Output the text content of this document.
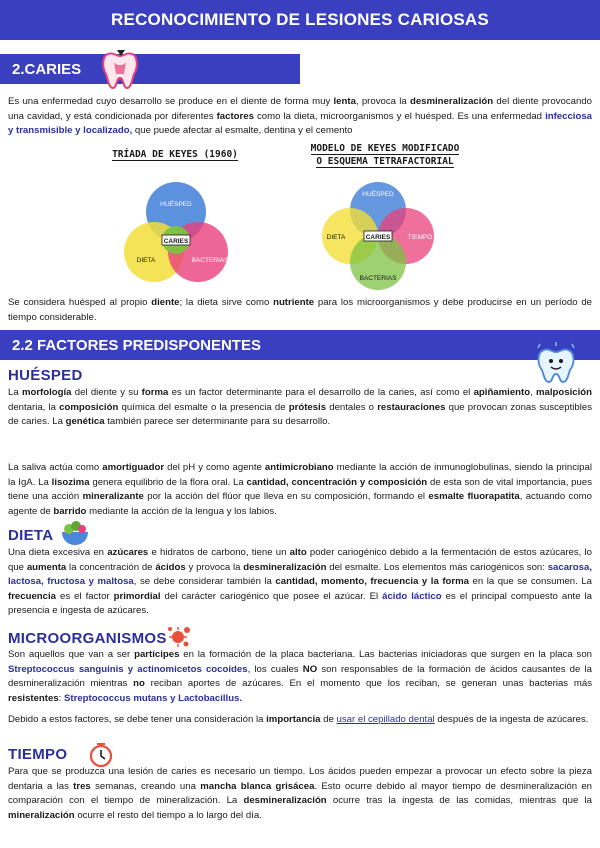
RECONOCIMIENTO DE LESIONES CARIOSAS
2.CARIES

Es una enfermedad cuyo desarrollo se produce en el diente de forma muy lenta, provoca la desmineralización del diente provocando una cavidad, y está condicionada por diferentes factores como la dieta, microorganismos y el huésped. Es una enfermedad infecciosa y transmisible y localizado, que puede afectar al esmalte, dentina y el cemento

TRÍADA DE KEYES (1960)
HUÉSPED
DIETA	BACTERIAS
CARIES
MODELO DE KEYES MODIFICADO
O ESQUEMA TETRAFACTORIAL
HUÉSPED
DIETA	TIEMPO
BACTERIAS
CARIES

Se considera huésped al propio diente; la dieta sirve como nutriente para los microorganismos y debe producirse en un período de tiempo considerable.

2.2 FACTORES PREDISPONENTES
HUÉSPED

La morfología del diente y su forma es un factor determinante para el desarrollo de la caries, así como el apiñamiento, malposición dentaria, la composición química del esmalte o la presencia de prótesis dentales o restauraciones que provocan zonas susceptibles de caries. La genética también parece ser determinante para su desarrollo.

La saliva actúa como amortiguador del pH y como agente antimicrobiano mediante la acción de inmunoglobulinas, siendo la principal la IgA. La lisozima genera equilibrio de la flora oral. La cantidad, concentración y composición de esta son de vital importancia, pues tiene una acción mineralizante por la acción del flúor que lleva en su composición, formando el esmalte fluorapatita, actuando como agente de barrido mediante la acción de la lengua y los labios.

DIETA

Una dieta excesiva en azúcares e hidratos de carbono, tiene un alto poder cariogénico debido a la fermentación de estos azúcares, lo que aumenta la concentración de ácidos y provoca la desmineralización del esmalte. Los elementos más cariogénicos son: sacarosa, lactosa, fructosa y maltosa, se debe considerar también la cantidad, momento, frecuencia y la forma en la que se consumen. La frecuencia es el factor primordial del carácter cariogénico que posee el azúcar. El ácido láctico es el principal compuesto ante la presencia e ingesta de azúcares.

MICROORGANISMOS

Son aquellos que van a ser partícipes en la formación de la placa bacteriana. Las bacterias iniciadoras que surgen en la placa son Streptococcus sanguinis y actinomicetos cocoides, los cuales NO son responsables de la formación de ácidos causantes de la desmineralización mientras no reciban aportes de azúcares. En el momento que los reciban, se generan unas bacterias más resistentes: Streptococcus mutans y Lactobacillus.

Debido a estos factores, se debe tener una consideración la importancia de usar el cepillado dental después de la ingesta de azúcares.

TIEMPO

Para que se produzca una lesión de caries es necesario un tiempo. Los ácidos pueden empezar a provocar un efecto sobre la pieza dentaria a las tres semanas, creando una mancha blanca grisácea. Esto ocurre debido al mayor tiempo de desmineralización en comparación con el tiempo de mineralización. La desmineralización ocurre tras la ingesta de las comidas, mientras que la mineralización ocurre el resto del tiempo a lo largo del día.
